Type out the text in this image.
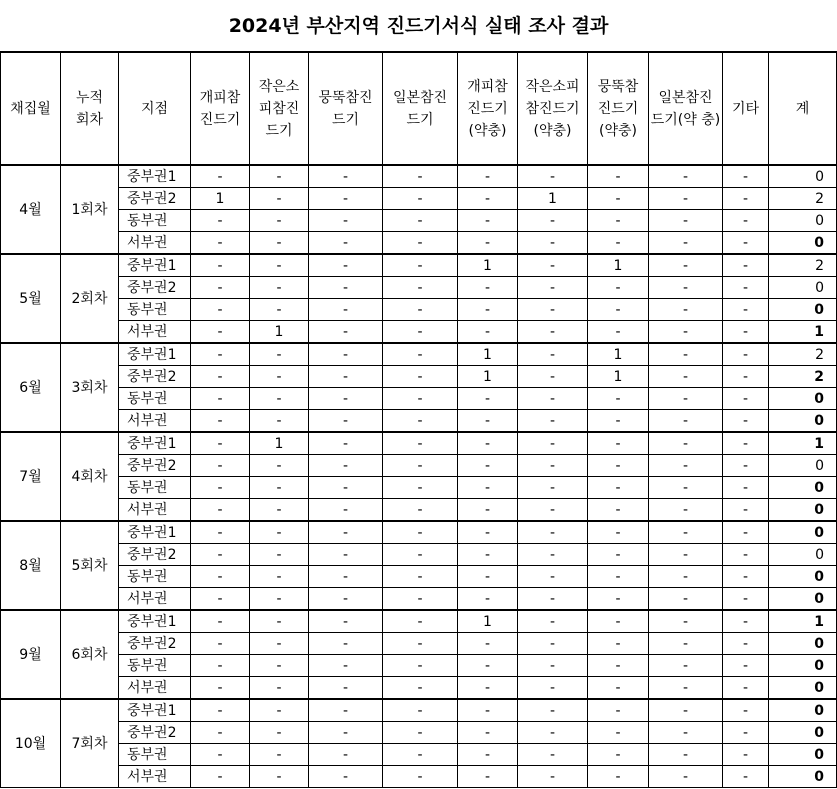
2024년 부산지역 진드기서식 실태 조사 결과
채집월	누적 회차	지점	개피참 진드기	작은소 피참진 드기	뭉뚝참진 드기	일본참진 드기	개피참 진드기 (약충)	작은소피 참진드기 (약충)	뭉뚝참 진드기 (약충)	일본참진 드기(약 충)	기타	계
4월	1회차	중부권1	-	-	-	-	-	-	-	-	-	0
		중부권2	1	-	-	-	-	1	-	-	-	2
		동부권	-	-	-	-	-	-	-	-	-	0
		서부권	-	-	-	-	-	-	-	-	-	0
5월	2회차	중부권1	-	-	-	-	1	-	1	-	-	2
		중부권2	-	-	-	-	-	-	-	-	-	0
		동부권	-	-	-	-	-	-	-	-	-	0
		서부권	-	1	-	-	-	-	-	-	-	1
6월	3회차	중부권1	-	-	-	-	1	-	1	-	-	2
		중부권2	-	-	-	-	1	-	1	-	-	2
		동부권	-	-	-	-	-	-	-	-	-	0
		서부권	-	-	-	-	-	-	-	-	-	0
7월	4회차	중부권1	-	1	-	-	-	-	-	-	-	1
		중부권2	-	-	-	-	-	-	-	-	-	0
		동부권	-	-	-	-	-	-	-	-	-	0
		서부권	-	-	-	-	-	-	-	-	-	0
8월	5회차	중부권1	-	-	-	-	-	-	-	-	-	0
		중부권2	-	-	-	-	-	-	-	-	-	0
		동부권	-	-	-	-	-	-	-	-	-	0
		서부권	-	-	-	-	-	-	-	-	-	0
9월	6회차	중부권1	-	-	-	-	1	-	-	-	-	1
		중부권2	-	-	-	-	-	-	-	-	-	0
		동부권	-	-	-	-	-	-	-	-	-	0
		서부권	-	-	-	-	-	-	-	-	-	0
10월	7회차	중부권1	-	-	-	-	-	-	-	-	-	0
		중부권2	-	-	-	-	-	-	-	-	-	0
		동부권	-	-	-	-	-	-	-	-	-	0
		서부권	-	-	-	-	-	-	-	-	-	0
